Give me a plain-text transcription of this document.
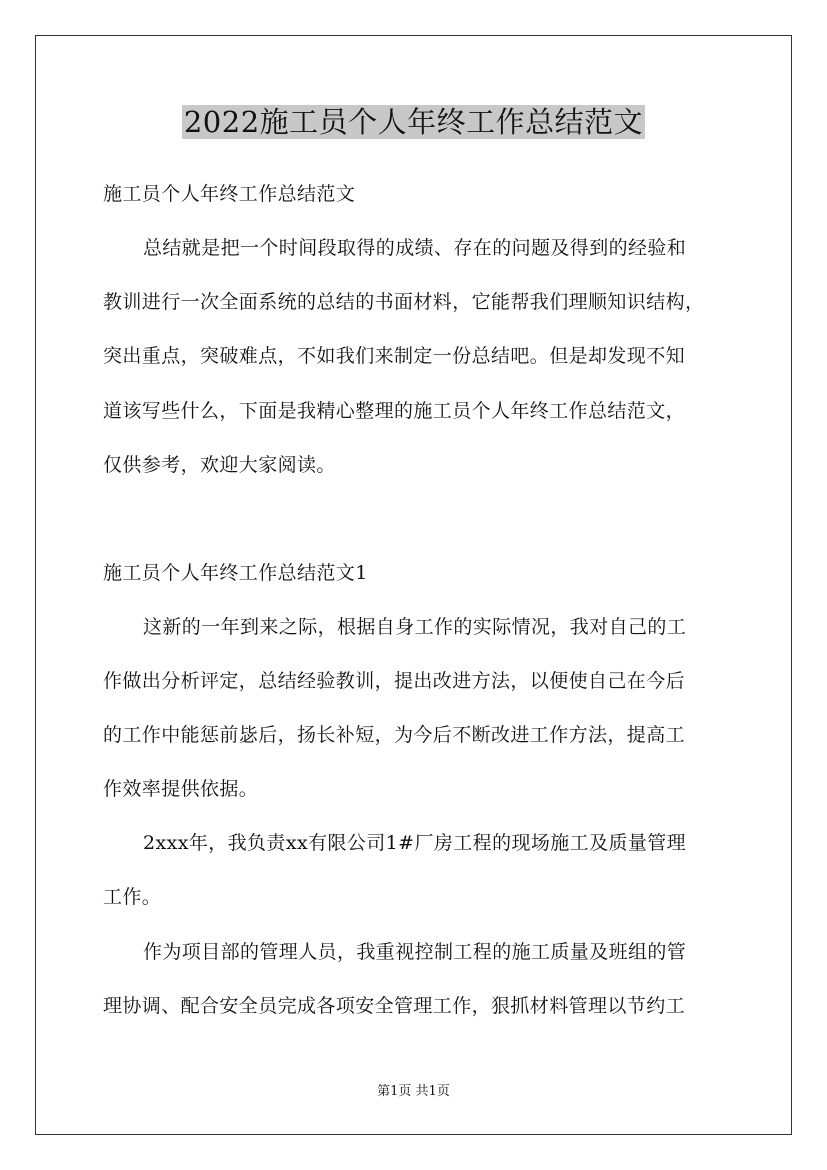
2022施工员个人年终工作总结范文

施工员个人年终工作总结范文

总结就是把一个时间段取得的成绩、存在的问题及得到的经验和

教训进行一次全面系统的总结的书面材料，它能帮我们理顺知识结构，

突出重点，突破难点，不如我们来制定一份总结吧。但是却发现不知

道该写些什么，下面是我精心整理的施工员个人年终工作总结范文，

仅供参考，欢迎大家阅读。

施工员个人年终工作总结范文1

这新的一年到来之际，根据自身工作的实际情况，我对自己的工

作做出分析评定，总结经验教训，提出改进方法，以便使自己在今后

的工作中能惩前毖后，扬长补短，为今后不断改进工作方法，提高工

作效率提供依据。

2xxx年，我负责xx有限公司1#厂房工程的现场施工及质量管理

工作。

作为项目部的管理人员，我重视控制工程的施工质量及班组的管

理协调、配合安全员完成各项安全管理工作，狠抓材料管理以节约工

第1页 共1页
